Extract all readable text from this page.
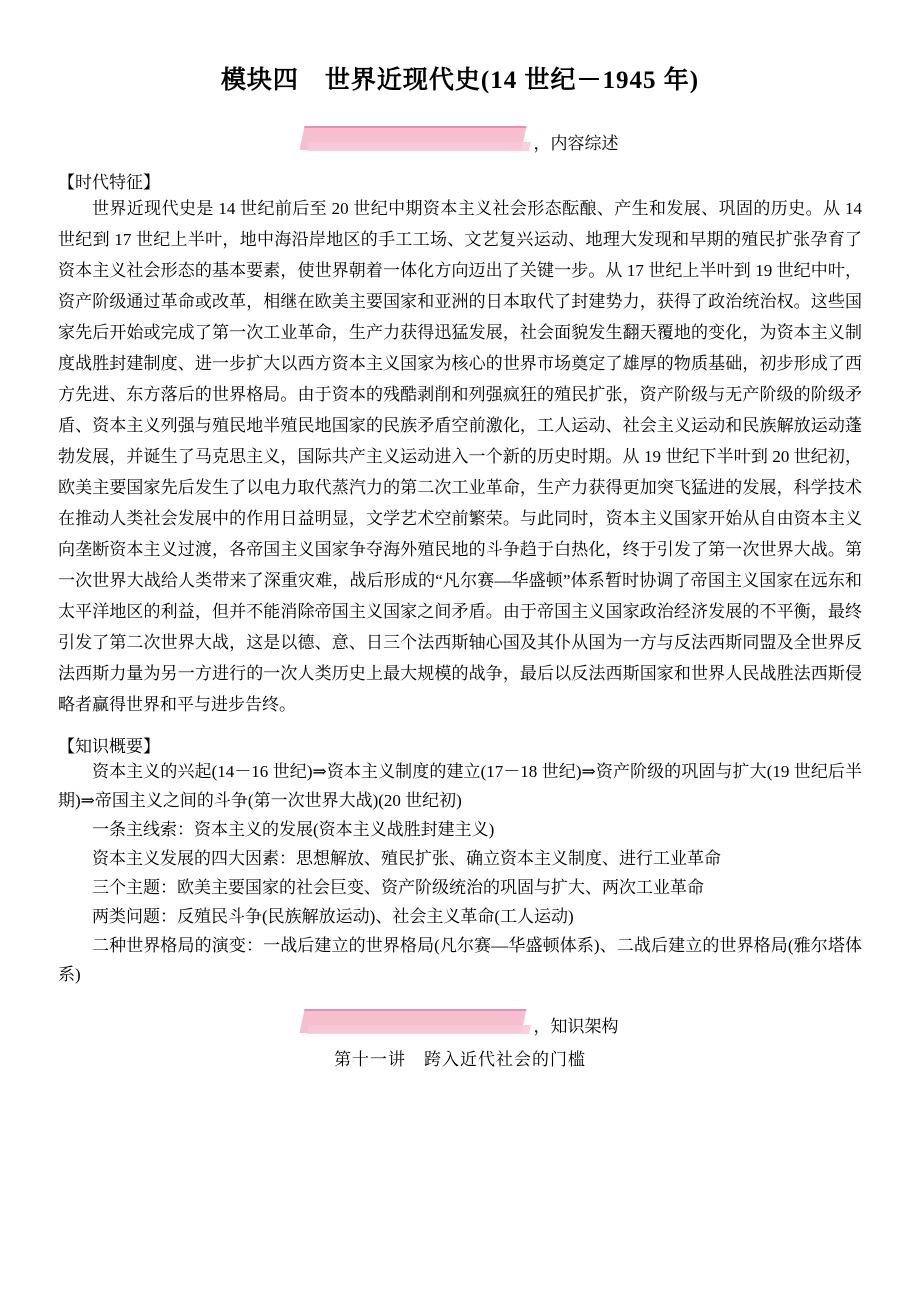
模块四　世界近现代史(14 世纪－1945 年)
，内容综述
【时代特征】

世界近现代史是 14 世纪前后至 20 世纪中期资本主义社会形态酝酿、产生和发展、巩固的历史。从 14 世纪到 17 世纪上半叶，地中海沿岸地区的手工工场、文艺复兴运动、地理大发现和早期的殖民扩张孕育了资本主义社会形态的基本要素，使世界朝着一体化方向迈出了关键一步。从 17 世纪上半叶到 19 世纪中叶，资产阶级通过革命或改革，相继在欧美主要国家和亚洲的日本取代了封建势力，获得了政治统治权。这些国家先后开始或完成了第一次工业革命，生产力获得迅猛发展，社会面貌发生翻天覆地的变化，为资本主义制度战胜封建制度、进一步扩大以西方资本主义国家为核心的世界市场奠定了雄厚的物质基础，初步形成了西方先进、东方落后的世界格局。由于资本的残酷剥削和列强疯狂的殖民扩张，资产阶级与无产阶级的阶级矛盾、资本主义列强与殖民地半殖民地国家的民族矛盾空前激化，工人运动、社会主义运动和民族解放运动蓬勃发展，并诞生了马克思主义，国际共产主义运动进入一个新的历史时期。从 19 世纪下半叶到 20 世纪初，欧美主要国家先后发生了以电力取代蒸汽力的第二次工业革命，生产力获得更加突飞猛进的发展，科学技术在推动人类社会发展中的作用日益明显，文学艺术空前繁荣。与此同时，资本主义国家开始从自由资本主义向垄断资本主义过渡，各帝国主义国家争夺海外殖民地的斗争趋于白热化，终于引发了第一次世界大战。第一次世界大战给人类带来了深重灾难，战后形成的“凡尔赛—华盛顿”体系暂时协调了帝国主义国家在远东和太平洋地区的利益，但并不能消除帝国主义国家之间矛盾。由于帝国主义国家政治经济发展的不平衡，最终引发了第二次世界大战，这是以德、意、日三个法西斯轴心国及其仆从国为一方与反法西斯同盟及全世界反法西斯力量为另一方进行的一次人类历史上最大规模的战争，最后以反法西斯国家和世界人民战胜法西斯侵略者赢得世界和平与进步告终。

【知识概要】

资本主义的兴起(14－16 世纪)⇒资本主义制度的建立(17－18 世纪)⇒资产阶级的巩固与扩大(19 世纪后半期)⇒帝国主义之间的斗争(第一次世界大战)(20 世纪初)

一条主线索：资本主义的发展(资本主义战胜封建主义)

资本主义发展的四大因素：思想解放、殖民扩张、确立资本主义制度、进行工业革命

三个主题：欧美主要国家的社会巨变、资产阶级统治的巩固与扩大、两次工业革命

两类问题：反殖民斗争(民族解放运动)、社会主义革命(工人运动)

二种世界格局的演变：一战后建立的世界格局(凡尔赛—华盛顿体系)、二战后建立的世界格局(雅尔塔体系)

，知识架构
第十一讲　跨入近代社会的门槛
